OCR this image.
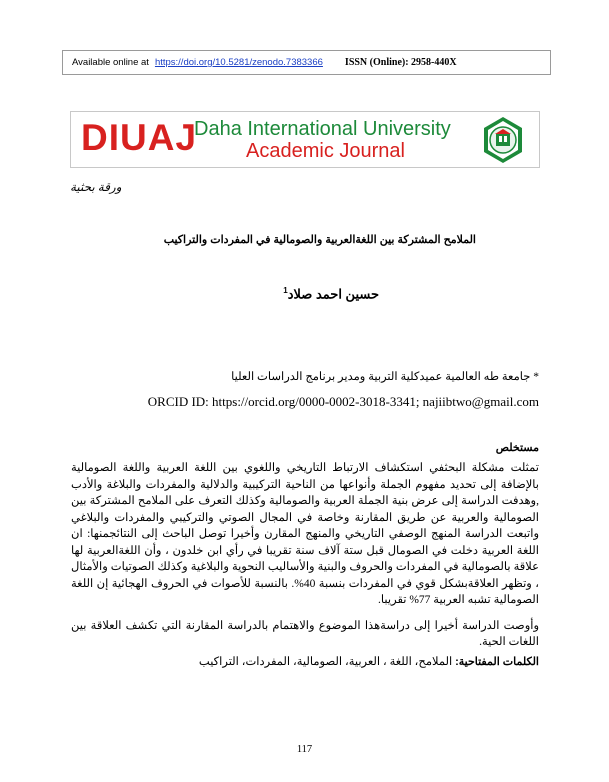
Available online at https://doi.org/10.5281/zenodo.7383366 ISSN (Online): 2958-440X
DIUAJ
Daha International University
Academic Journal
ورقة بحثية
الملامح المشتركة بين اللغةالعربية والصومالية في المفردات والتراكيب
حسين احمد صلاد$^1$
* جامعة طه العالمية عميدكلية التربية ومدير برنامج الدراسات العليا
ORCID ID: https://orcid.org/0000-0002-3018-3341; najiibtwo@gmail.com
مستخلص

تمثلت مشكلة البحثفي استكشاف الارتباط التاريخي واللغوي بين اللغة العربية واللغة الصومالية بالإضافة إلى تحديد مفهوم الجملة وأنواعها من الناحية التركيبية والدلالية والمفردات والبلاغة والأدب ,وهدفت الدراسة إلى عرض بنية الجملة العربية والصومالية وكذلك التعرف على الملامح المشتركة بين الصومالية والعربية عن طريق المقارنة وخاصة في المجال الصوتي والتركيبي والمفردات والبلاغي واتبعت الدراسة المنهج الوصفي التاريخي والمنهج المقارن وأخيرا توصل الباحث إلى النتائجمنها: ان اللغة العربية دخلت في الصومال قبل ستة آلاف سنة تقريبا في رأي ابن خلدون ، وأن اللغةالعربية لها علاقة بالصومالية في المفردات والحروف والبنية والأساليب النحوية والبلاغية وكذلك الصوتيات والأمثال ، وتظهر العلاقةبشكل قوي في المفردات بنسبة 40%. بالنسبة للأصوات في الحروف الهجائية إن اللغة الصومالية تشبه العربية 77% تقريبا.

وأوصت الدراسة أخيرا إلى دراسةهذا الموضوع والاهتمام بالدراسة المقارنة التي تكشف العلاقة بين اللغات الحية.

الكلمات المفتاحية: الملامح، اللغة ، العربية، الصومالية، المفردات، التراكيب
117
